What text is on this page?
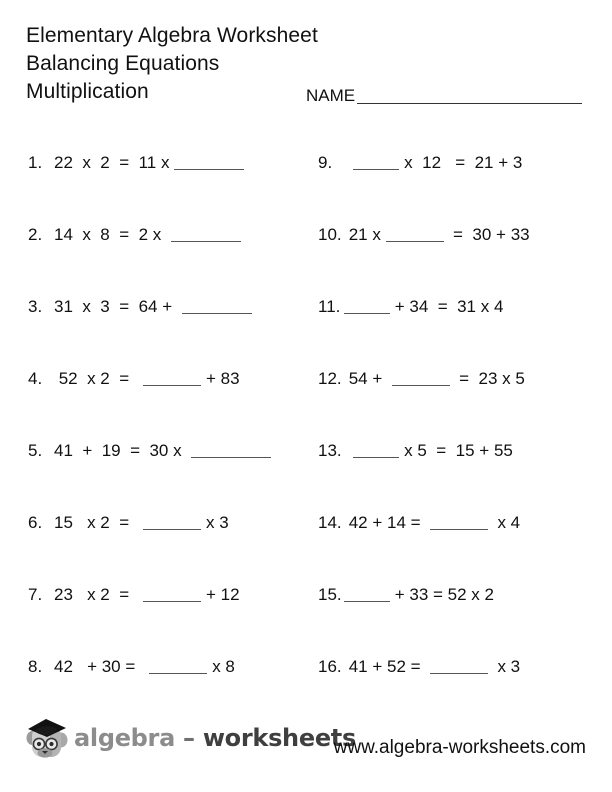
Elementary Algebra Worksheet
Balancing Equations
Multiplication	NAME
1. 22  x  2  =  11 x
2. 14  x  8  =  2 x
3. 31  x  3  =  64 +
4. 52  x 2  =	+ 83
5. 41  +  19  =  30 x
6. 15   x 2  =	x 3
7. 23   x 2  =	+ 12
8. 42   + 30 =	x 8
9.
	x  12   =  21 + 3
10. 21 x	=  30 + 33
11.	+ 34  =  31 x 4
12. 54 +	=  23 x 5
13.
	x 5  =  15 + 55
14. 42 + 14 =	x 4
15.	+ 33 = 52 x 2
16. 41 + 52 =	x 3
algebra – worksheets
www.algebra-worksheets.com
